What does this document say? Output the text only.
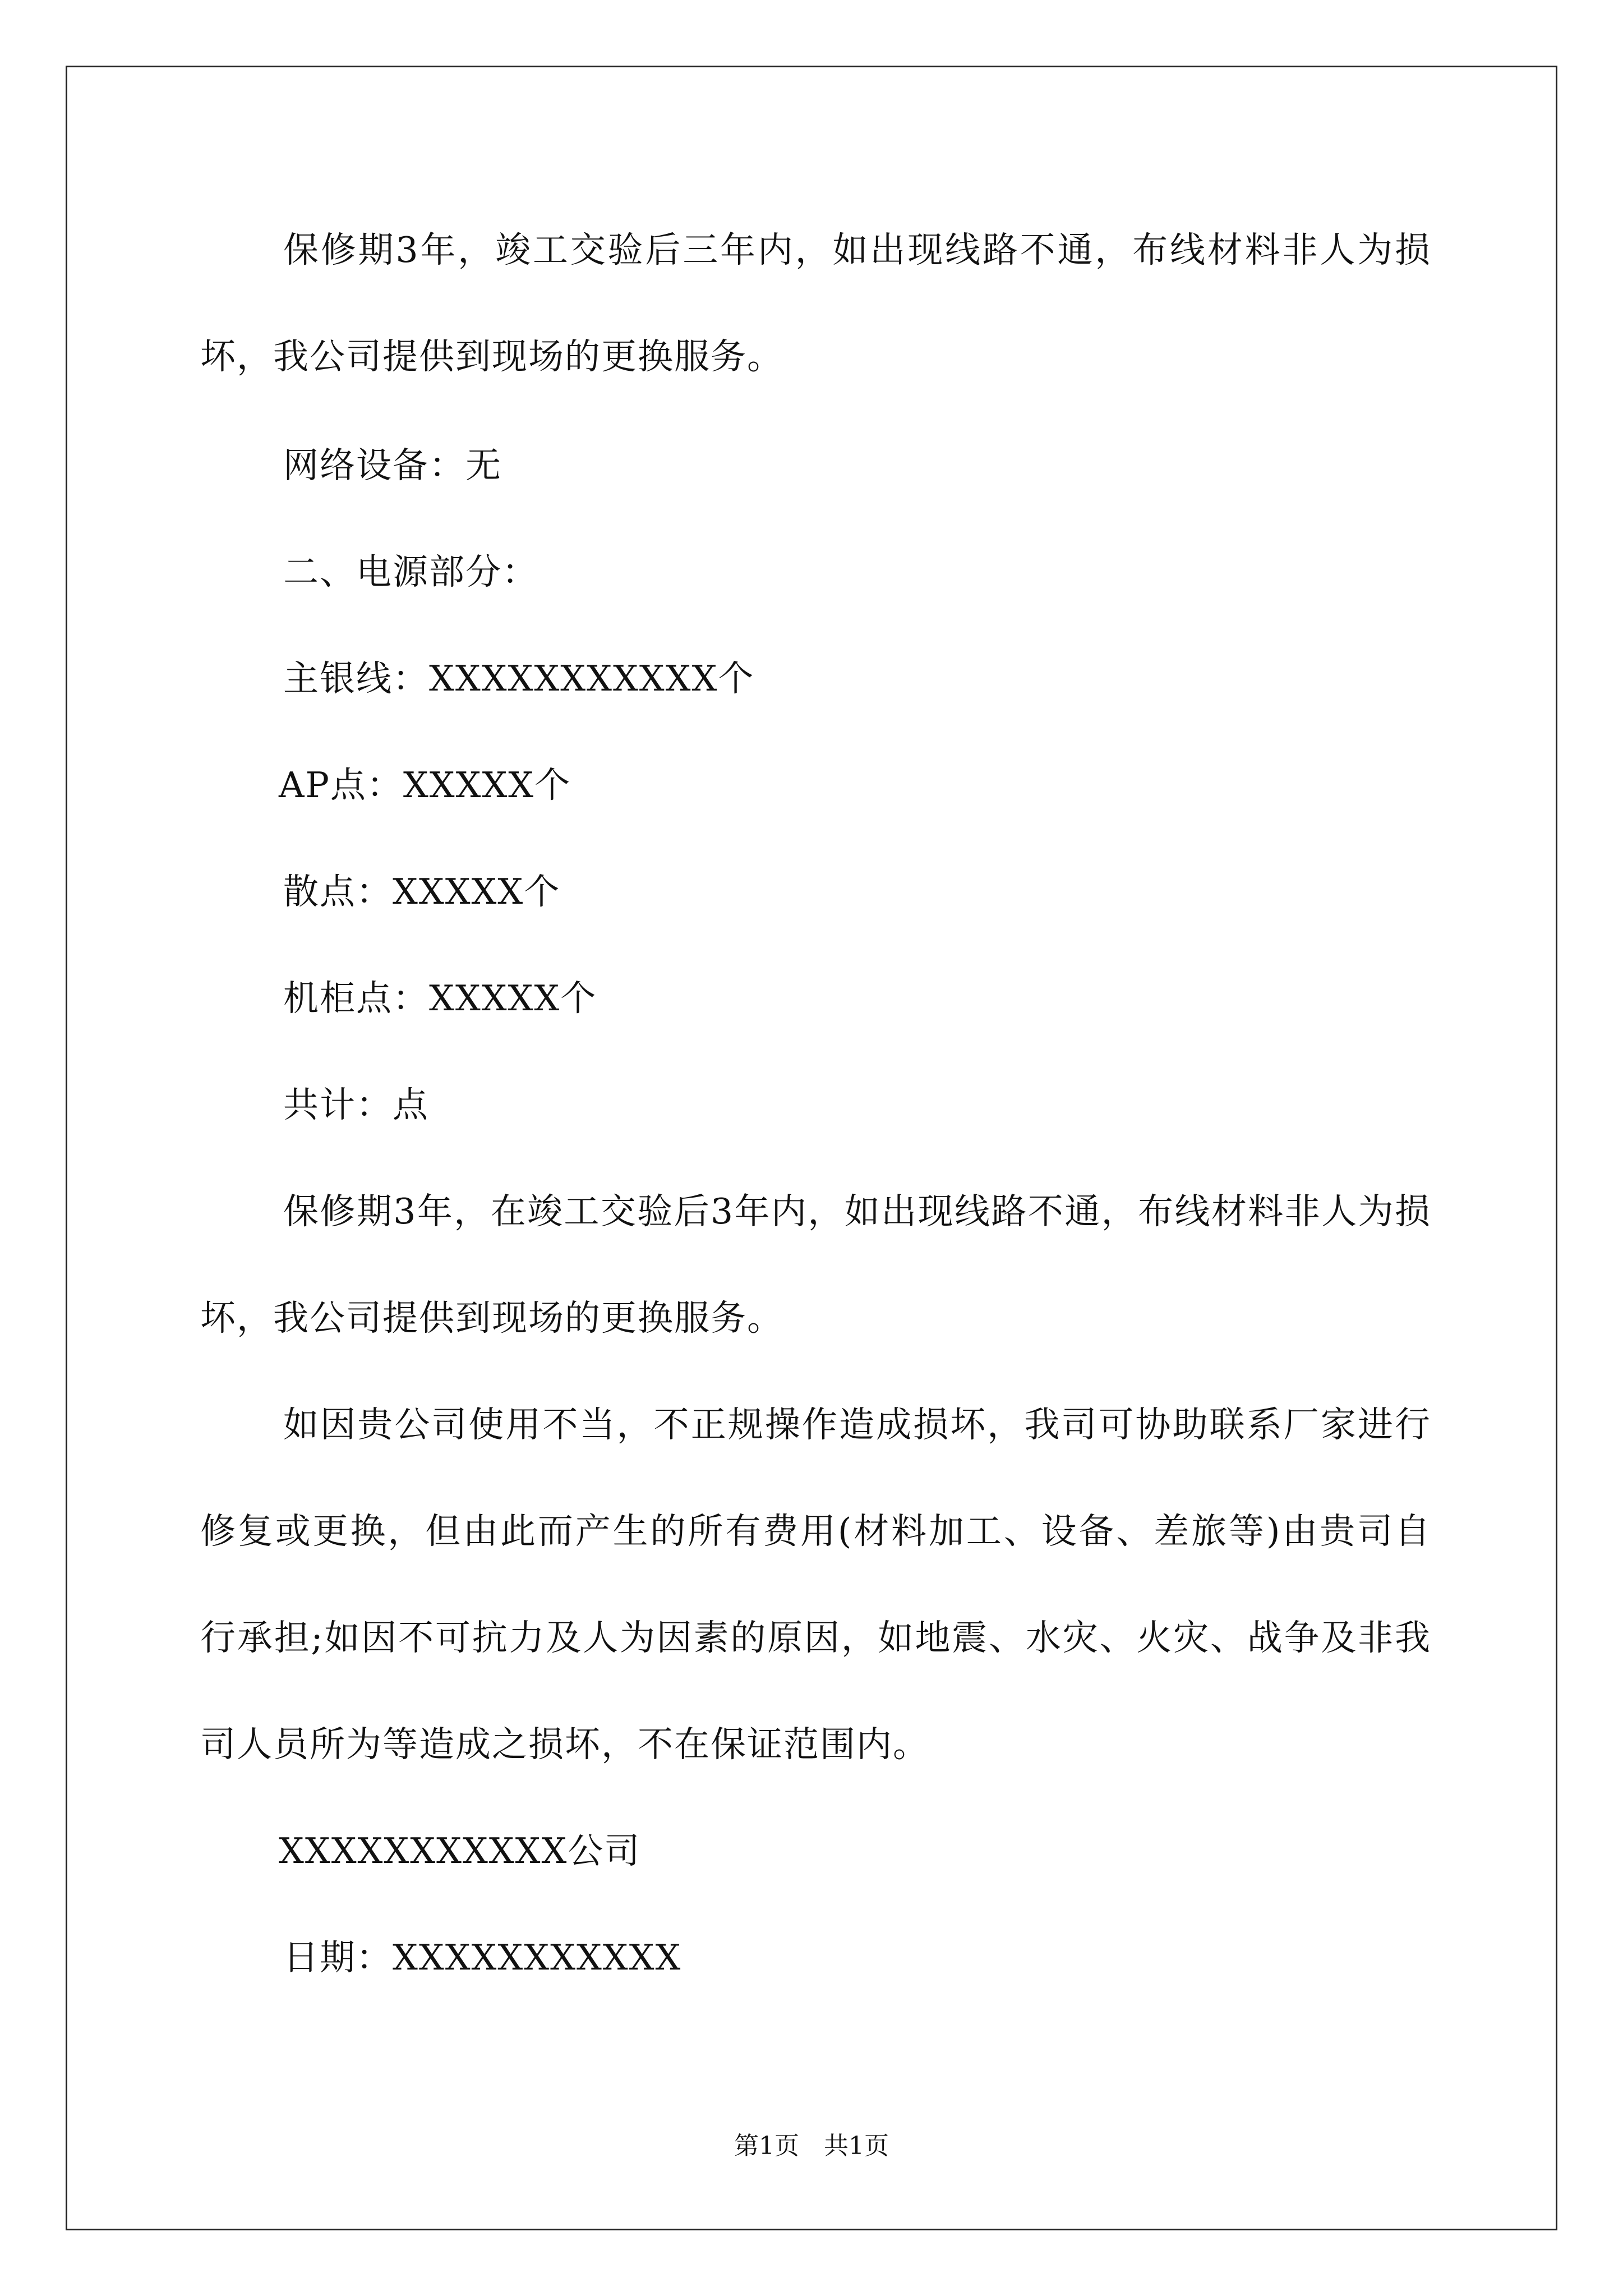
保修期3年，竣工交验后三年内，如出现线路不通，布线材料非人为损坏，我公司提供到现场的更换服务。

网络设备：无

二、电源部分：

主银线：XXXXXXXXXXX个

AP点：XXXXX个

散点：XXXXX个

机柜点：XXXXX个

共计：点

保修期3年，在竣工交验后3年内，如出现线路不通，布线材料非人为损坏，我公司提供到现场的更换服务。

如因贵公司使用不当，不正规操作造成损坏，我司可协助联系厂家进行修复或更换，但由此而产生的所有费用(材料加工、设备、差旅等)由贵司自行承担;如因不可抗力及人为因素的原因，如地震、水灾、火灾、战争及非我司人员所为等造成之损坏，不在保证范围内。

XXXXXXXXXXX公司

日期：XXXXXXXXXXX

第1页　共1页
